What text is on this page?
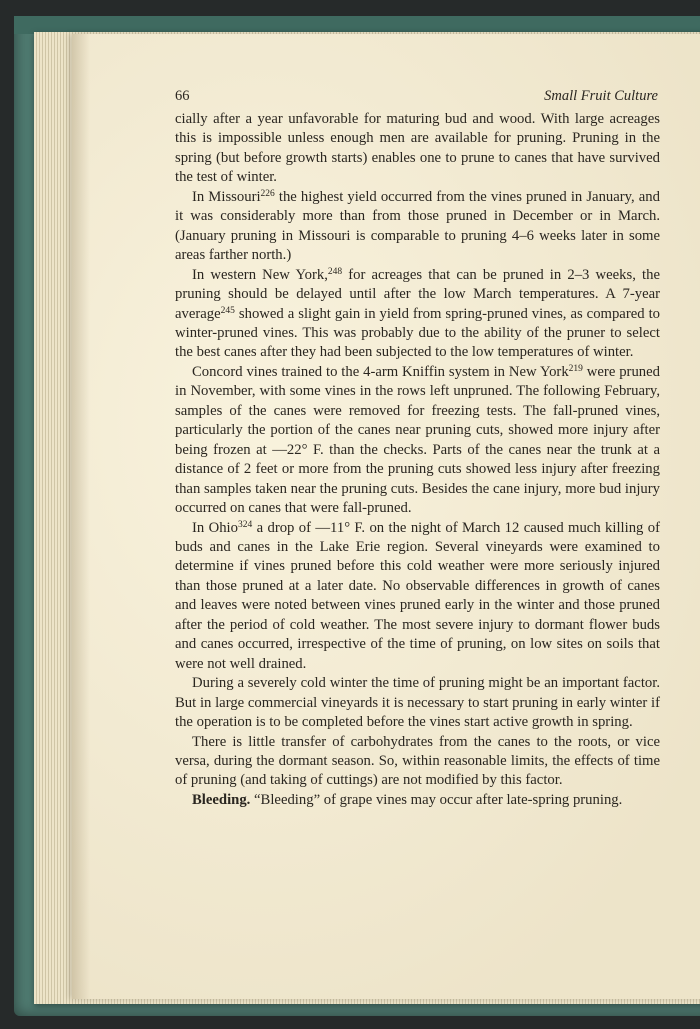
66	Small Fruit Culture

cially after a year unfavorable for maturing bud and wood. With large acreages this is impossible unless enough men are available for pruning. Pruning in the spring (but before growth starts) enables one to prune to canes that have survived the test of winter.

In Missouri$^{226}$ the highest yield occurred from the vines pruned in January, and it was considerably more than from those pruned in December or in March. (January pruning in Missouri is comparable to pruning 4–6 weeks later in some areas farther north.)

In western New York,$^{248}$ for acreages that can be pruned in 2–3 weeks, the pruning should be delayed until after the low March temperatures. A 7-year average$^{245}$ showed a slight gain in yield from spring-pruned vines, as compared to winter-pruned vines. This was probably due to the ability of the pruner to select the best canes after they had been subjected to the low temperatures of winter.

Concord vines trained to the 4-arm Kniffin system in New York$^{219}$ were pruned in November, with some vines in the rows left unpruned. The following February, samples of the canes were removed for freezing tests. The fall-pruned vines, particularly the portion of the canes near pruning cuts, showed more injury after being frozen at —22° F. than the checks. Parts of the canes near the trunk at a distance of 2 feet or more from the pruning cuts showed less injury after freezing than samples taken near the pruning cuts. Besides the cane injury, more bud injury occurred on canes that were fall-pruned.

In Ohio$^{324}$ a drop of —11° F. on the night of March 12 caused much killing of buds and canes in the Lake Erie region. Several vineyards were examined to determine if vines pruned before this cold weather were more seriously injured than those pruned at a later date. No observable differences in growth of canes and leaves were noted between vines pruned early in the winter and those pruned after the period of cold weather. The most severe injury to dormant flower buds and canes occurred, irrespective of the time of pruning, on low sites on soils that were not well drained.

During a severely cold winter the time of pruning might be an important factor. But in large commercial vineyards it is necessary to start pruning in early winter if the operation is to be completed before the vines start active growth in spring.

There is little transfer of carbohydrates from the canes to the roots, or vice versa, during the dormant season. So, within reasonable limits, the effects of time of pruning (and taking of cuttings) are not modified by this factor.

Bleeding. “Bleeding” of grape vines may occur after late-spring pruning.
